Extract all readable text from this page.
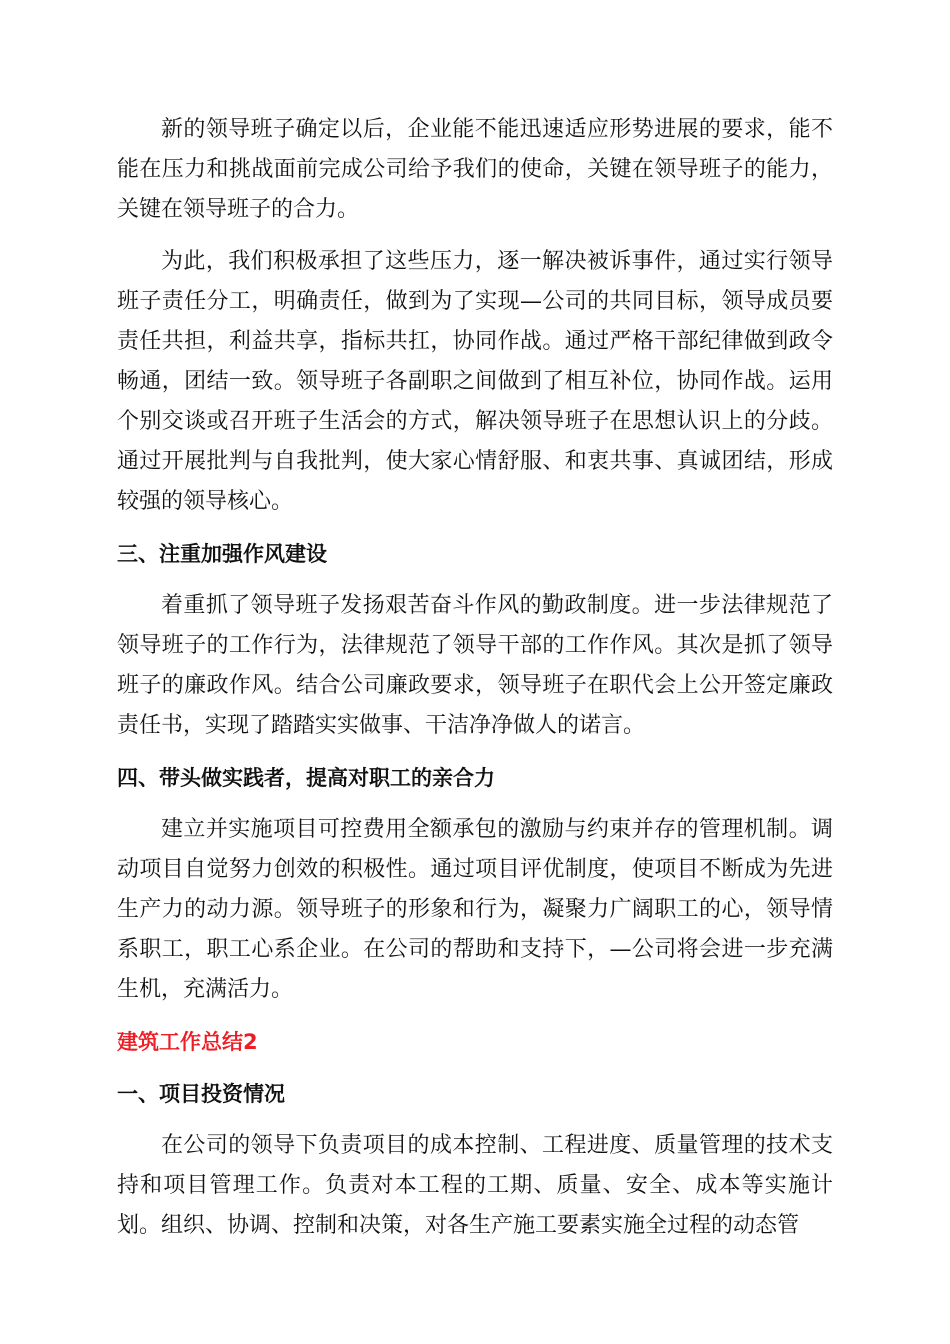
新的领导班子确定以后，企业能不能迅速适应形势进展的要求，能不能在压力和挑战面前完成公司给予我们的使命，关键在领导班子的能力，关键在领导班子的合力。

为此，我们积极承担了这些压力，逐一解决被诉事件，通过实行领导班子责任分工，明确责任，做到为了实现—公司的共同目标，领导成员要责任共担，利益共享，指标共扛，协同作战。通过严格干部纪律做到政令畅通，团结一致。领导班子各副职之间做到了相互补位，协同作战。运用个别交谈或召开班子生活会的方式，解决领导班子在思想认识上的分歧。通过开展批判与自我批判，使大家心情舒服、和衷共事、真诚团结，形成较强的领导核心。

三、注重加强作风建设

着重抓了领导班子发扬艰苦奋斗作风的勤政制度。进一步法律规范了领导班子的工作行为，法律规范了领导干部的工作作风。其次是抓了领导班子的廉政作风。结合公司廉政要求，领导班子在职代会上公开签定廉政责任书，实现了踏踏实实做事、干洁净净做人的诺言。

四、带头做实践者，提高对职工的亲合力

建立并实施项目可控费用全额承包的激励与约束并存的管理机制。调动项目自觉努力创效的积极性。通过项目评优制度，使项目不断成为先进生产力的动力源。领导班子的形象和行为，凝聚力广阔职工的心，领导情系职工，职工心系企业。在公司的帮助和支持下，—公司将会进一步充满生机，充满活力。

建筑工作总结2

一、项目投资情况

在公司的领导下负责项目的成本控制、工程进度、质量管理的技术支持和项目管理工作。负责对本工程的工期、质量、安全、成本等实施计划。组织、协调、控制和决策，对各生产施工要素实施全过程的动态管
